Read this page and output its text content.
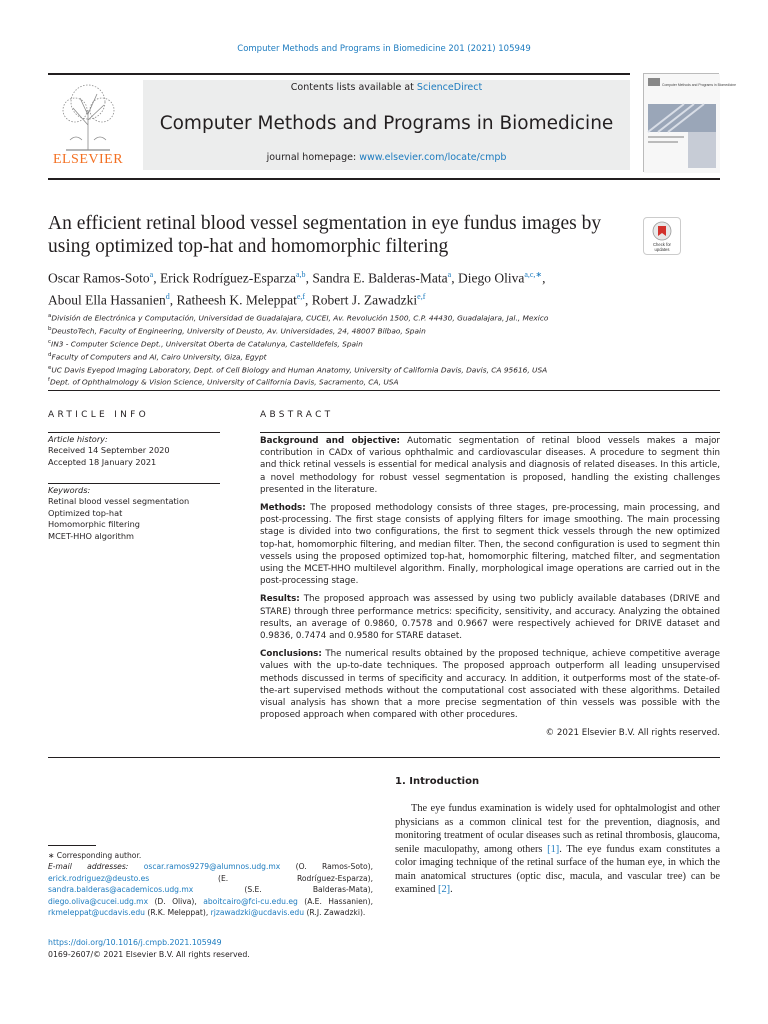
Computer Methods and Programs in Biomedicine 201 (2021) 105949
ELSEVIER
Contents lists available at ScienceDirect
Computer Methods and Programs in Biomedicine
journal homepage: www.elsevier.com/locate/cmpb
Computer Methods and Programs in Biomedicine
An efficient retinal blood vessel segmentation in eye fundus images by using optimized top-hat and homomorphic filtering	Check for
updates
Oscar Ramos-Soto$^a$, Erick Rodríguez-Esparza$^{a,b}$, Sandra E. Balderas-Mata$^a$, Diego Oliva$^{a,c,∗}$,
Aboul Ella Hassanien$^d$, Ratheesh K. Meleppat$^{e,f}$, Robert J. Zawadzki$^{e,f}$
$^a$División de Electrónica y Computación, Universidad de Guadalajara, CUCEI, Av. Revolución 1500, C.P. 44430, Guadalajara, Jal., Mexico
$^b$DeustoTech, Faculty of Engineering, University of Deusto, Av. Universidades, 24, 48007 Bilbao, Spain
$^c$IN3 - Computer Science Dept., Universitat Oberta de Catalunya, Castelldefels, Spain
$^d$Faculty of Computers and AI, Cairo University, Giza, Egypt
$^e$UC Davis Eyepod Imaging Laboratory, Dept. of Cell Biology and Human Anatomy, University of California Davis, Davis, CA 95616, USA
$^f$Dept. of Ophthalmology & Vision Science, University of California Davis, Sacramento, CA, USA
ARTICLE INFO	ABSTRACT
Article history:
Received 14 September 2020
Accepted 18 January 2021
Keywords:
Retinal blood vessel segmentation
Optimized top-hat
Homomorphic filtering
MCET-HHO algorithm

Background and objective: Automatic segmentation of retinal blood vessels makes a major contribution in CADx of various ophthalmic and cardiovascular diseases. A procedure to segment thin and thick retinal vessels is essential for medical analysis and diagnosis of related diseases. In this article, a novel methodology for robust vessel segmentation is proposed, handling the existing challenges presented in the literature.

Methods: The proposed methodology consists of three stages, pre-processing, main processing, and post-processing. The first stage consists of applying filters for image smoothing. The main processing stage is divided into two configurations, the first to segment thick vessels through the new optimized top-hat, homomorphic filtering, and median filter. Then, the second configuration is used to segment thin vessels using the proposed optimized top-hat, homomorphic filtering, matched filter, and segmentation using the MCET-HHO multilevel algorithm. Finally, morphological image operations are carried out in the post-processing stage.

Results: The proposed approach was assessed by using two publicly available databases (DRIVE and STARE) through three performance metrics: specificity, sensitivity, and accuracy. Analyzing the obtained results, an average of 0.9860, 0.7578 and 0.9667 were respectively achieved for DRIVE dataset and 0.9836, 0.7474 and 0.9580 for STARE dataset.

Conclusions: The numerical results obtained by the proposed technique, achieve competitive average values with the up-to-date techniques. The proposed approach outperform all leading unsupervised methods discussed in terms of specificity and accuracy. In addition, it outperforms most of the state-of-the-art supervised methods without the computational cost associated with these algorithms. Detailed visual analysis has shown that a more precise segmentation of thin vessels was possible with the proposed approach when compared with other procedures.

© 2021 Elsevier B.V. All rights reserved.
1. Introduction

The eye fundus examination is widely used for ophtalmologist and other physicians as a common clinical test for the prevention, diagnosis, and monitoring treatment of ocular diseases such as retinal thrombosis, glaucoma, senile maculopathy, among others [1]. The eye fundus exam constitutes a color imaging technique of the retinal surface of the human eye, in which the main anatomical structures (optic disc, macula, and vascular tree) can be examined [2].

∗ Corresponding author.
E-mail addresses: oscar.ramos9279@alumnos.udg.mx (O. Ramos-Soto), erick.rodriguez@deusto.es (E. Rodríguez-Esparza), sandra.balderas@academicos.udg.mx (S.E. Balderas-Mata), diego.oliva@cucei.udg.mx (D. Oliva), aboitcairo@fci-cu.edu.eg (A.E. Hassanien), rkmeleppat@ucdavis.edu (R.K. Meleppat), rjzawadzki@ucdavis.edu (R.J. Zawadzki).
https://doi.org/10.1016/j.cmpb.2021.105949
0169-2607/© 2021 Elsevier B.V. All rights reserved.
